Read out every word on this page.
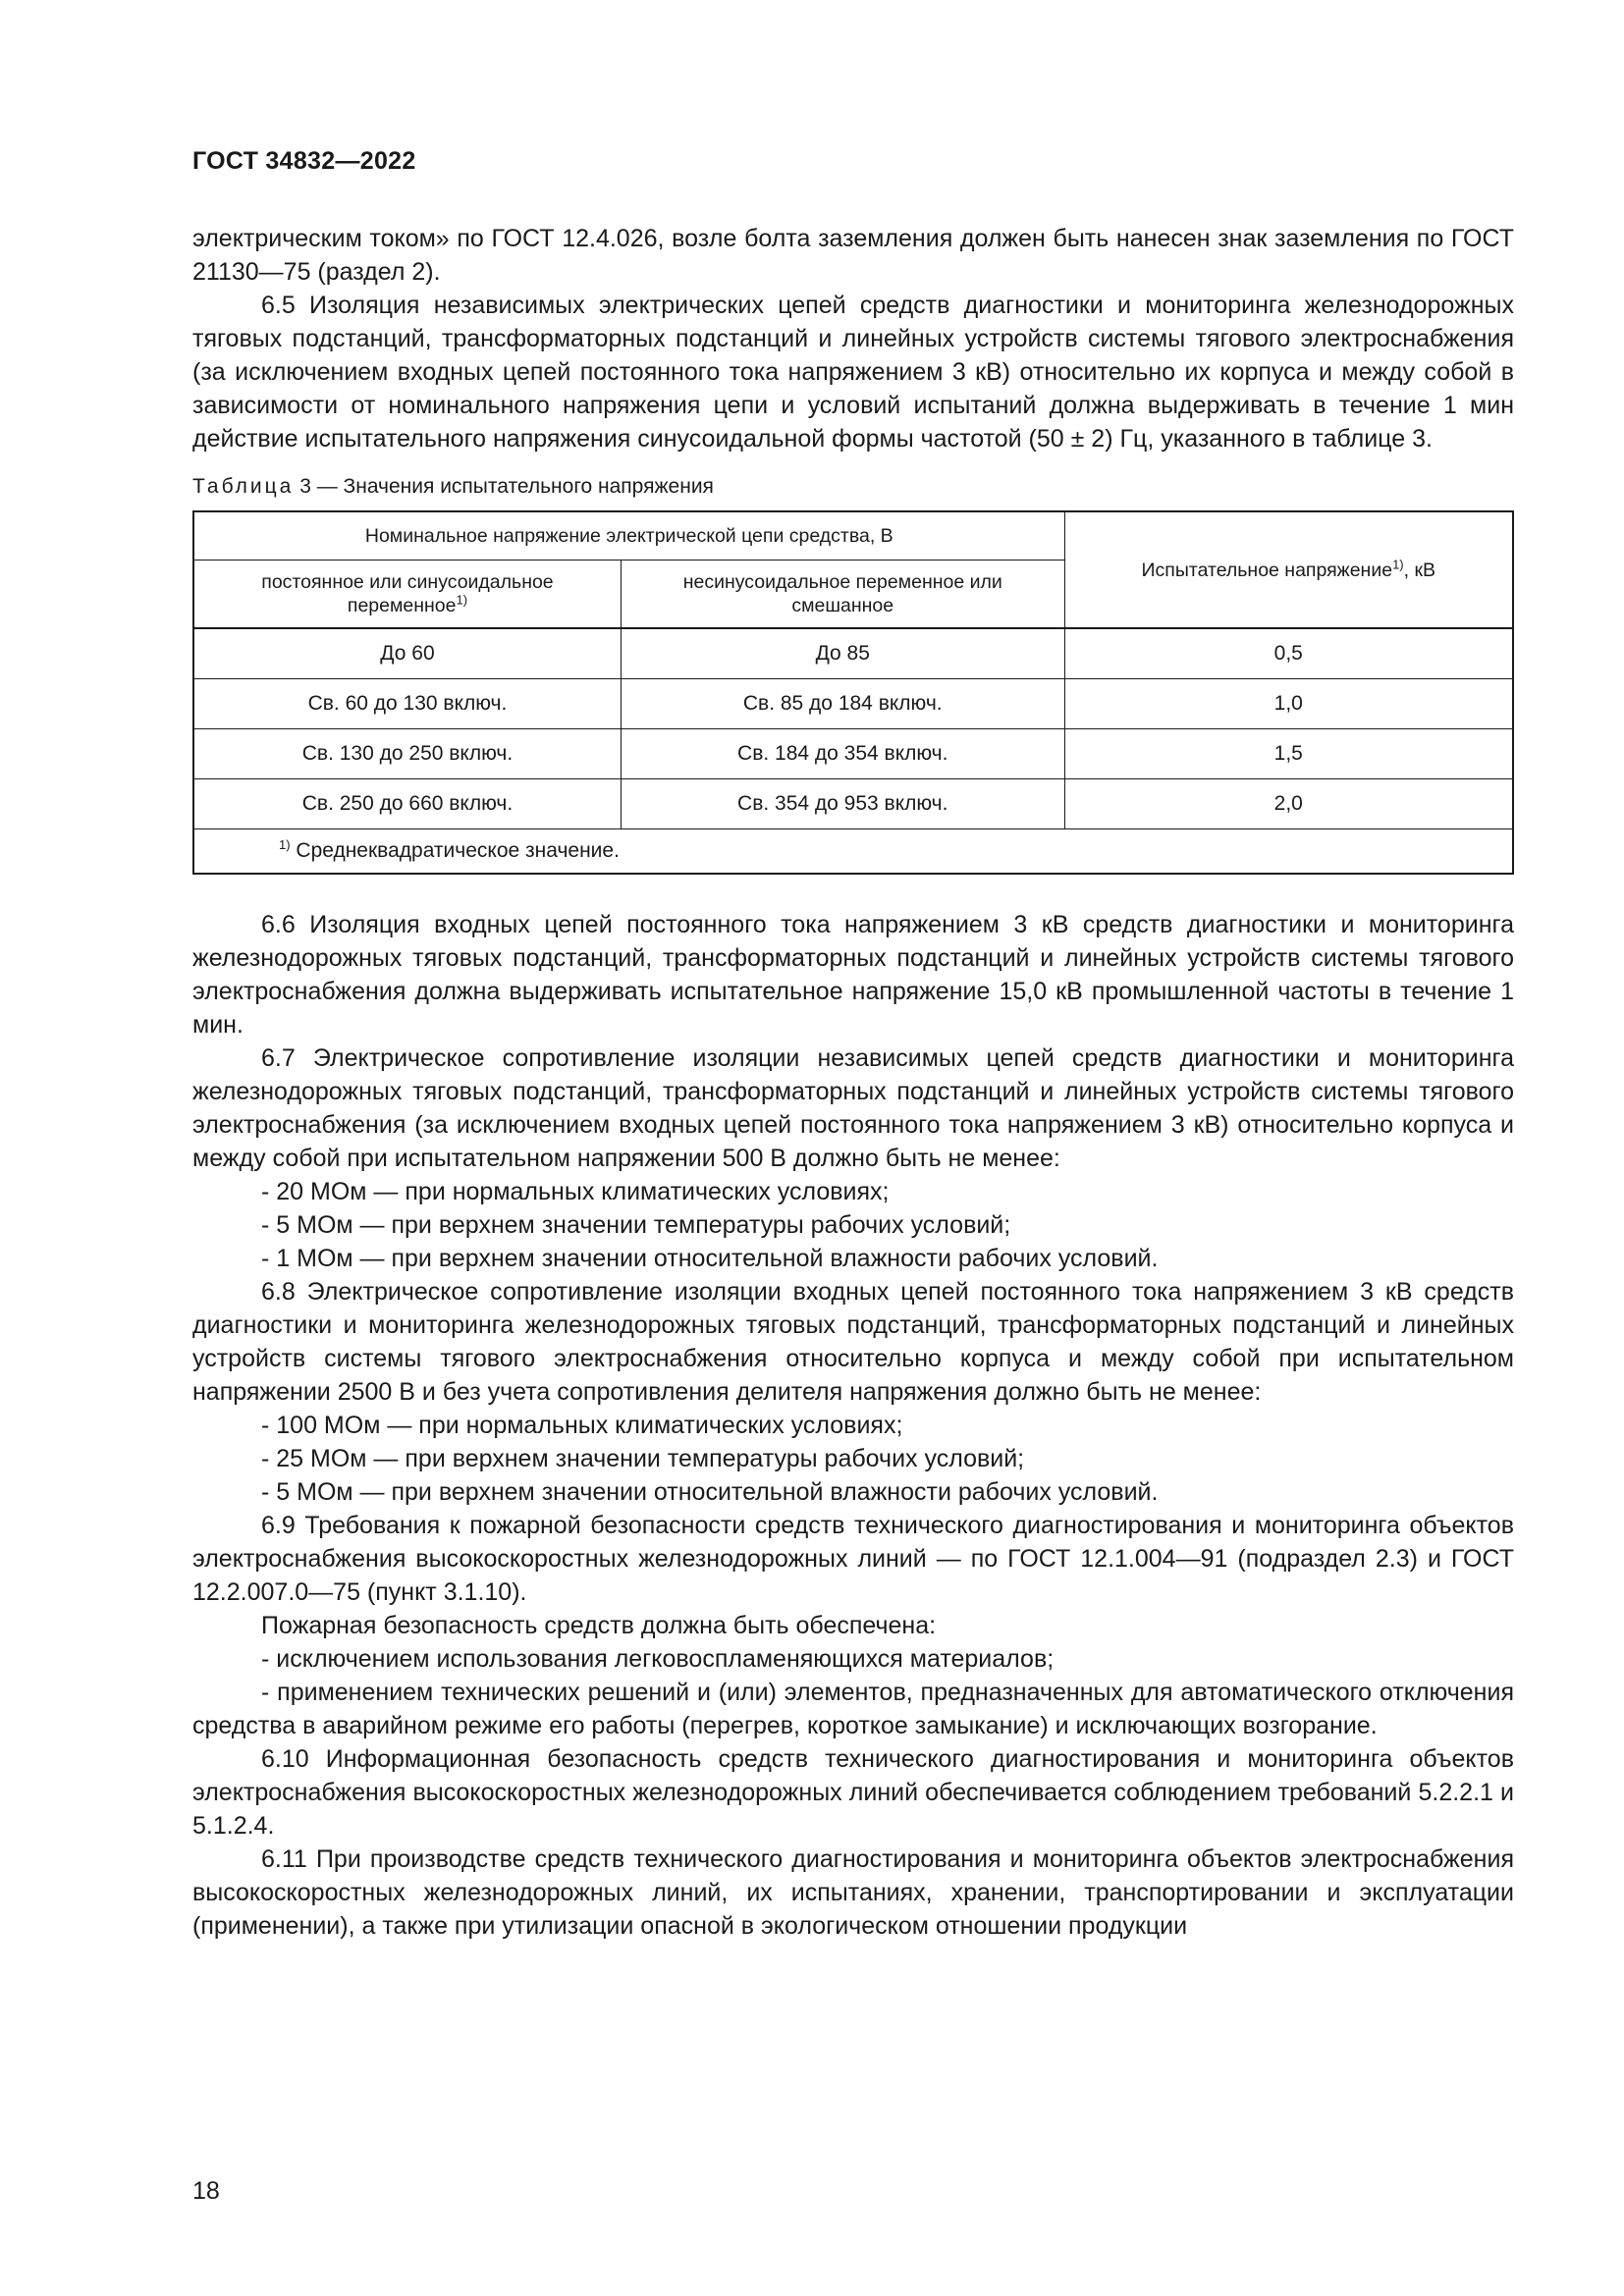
ГОСТ 34832—2022

электрическим током» по ГОСТ 12.4.026, возле болта заземления должен быть нанесен знак заземления по ГОСТ 21130—75 (раздел 2).

6.5 Изоляция независимых электрических цепей средств диагностики и мониторинга железнодорожных тяговых подстанций, трансформаторных подстанций и линейных устройств системы тягового электроснабжения (за исключением входных цепей постоянного тока напряжением 3 кВ) относительно их корпуса и между собой в зависимости от номинального напряжения цепи и условий испытаний должна выдерживать в течение 1 мин действие испытательного напряжения синусоидальной формы частотой (50 ± 2) Гц, указанного в таблице 3.

Таблица 3 — Значения испытательного напряжения

Номинальное напряжение электрической цепи средства, В		Испытательное напряжение$^{1)}$, кВ
постоянное или синусоидальное переменное$^{1)}$	несинусоидальное переменное или смешанное	
До 60	До 85	0,5
Св. 60 до 130 включ.	Св. 85 до 184 включ.	1,0
Св. 130 до 250 включ.	Св. 184 до 354 включ.	1,5
Св. 250 до 660 включ.	Св. 354 до 953 включ.	2,0
$^{1)}$ Среднеквадратическое значение.		

6.6 Изоляция входных цепей постоянного тока напряжением 3 кВ средств диагностики и мониторинга железнодорожных тяговых подстанций, трансформаторных подстанций и линейных устройств системы тягового электроснабжения должна выдерживать испытательное напряжение 15,0 кВ промышленной частоты в течение 1 мин.

6.7 Электрическое сопротивление изоляции независимых цепей средств диагностики и мониторинга железнодорожных тяговых подстанций, трансформаторных подстанций и линейных устройств системы тягового электроснабжения (за исключением входных цепей постоянного тока напряжением 3 кВ) относительно корпуса и между собой при испытательном напряжении 500 В должно быть не менее:

- 20 МОм — при нормальных климатических условиях;

- 5 МОм — при верхнем значении температуры рабочих условий;

- 1 МОм — при верхнем значении относительной влажности рабочих условий.

6.8 Электрическое сопротивление изоляции входных цепей постоянного тока напряжением 3 кВ средств диагностики и мониторинга железнодорожных тяговых подстанций, трансформаторных подстанций и линейных устройств системы тягового электроснабжения относительно корпуса и между собой при испытательном напряжении 2500 В и без учета сопротивления делителя напряжения должно быть не менее:

- 100 МОм — при нормальных климатических условиях;

- 25 МОм — при верхнем значении температуры рабочих условий;

- 5 МОм — при верхнем значении относительной влажности рабочих условий.

6.9 Требования к пожарной безопасности средств технического диагностирования и мониторинга объектов электроснабжения высокоскоростных железнодорожных линий — по ГОСТ 12.1.004—91 (подраздел 2.3) и ГОСТ 12.2.007.0—75 (пункт 3.1.10).

Пожарная безопасность средств должна быть обеспечена:

- исключением использования легковоспламеняющихся материалов;

- применением технических решений и (или) элементов, предназначенных для автоматического отключения средства в аварийном режиме его работы (перегрев, короткое замыкание) и исключающих возгорание.

6.10 Информационная безопасность средств технического диагностирования и мониторинга объектов электроснабжения высокоскоростных железнодорожных линий обеспечивается соблюдением требований 5.2.2.1 и 5.1.2.4.

6.11 При производстве средств технического диагностирования и мониторинга объектов электроснабжения высокоскоростных железнодорожных линий, их испытаниях, хранении, транспортировании и эксплуатации (применении), а также при утилизации опасной в экологическом отношении продукции

18
